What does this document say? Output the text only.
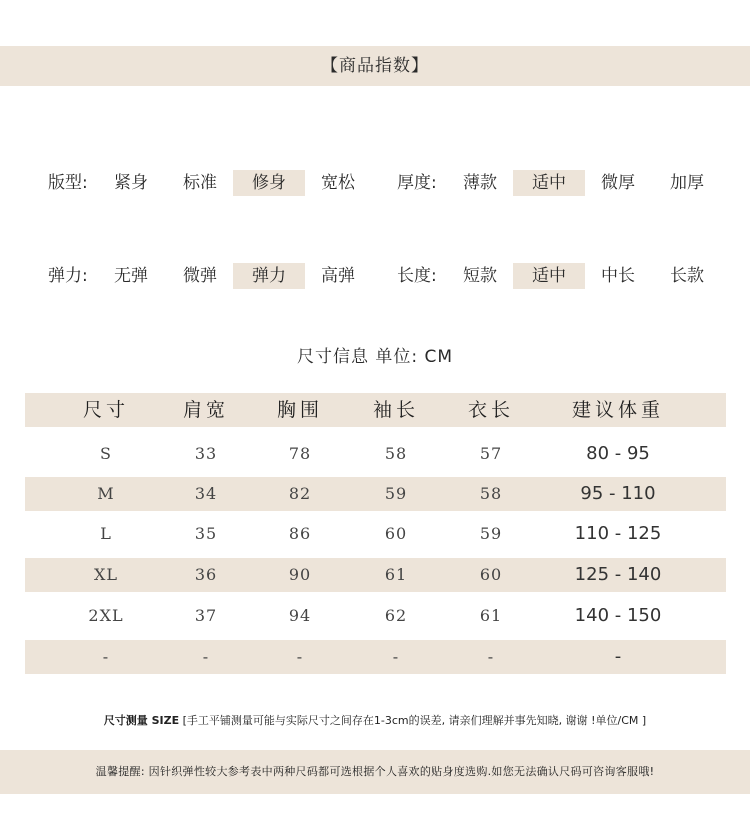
【商品指数】
版型:	紧身	标准	修身	宽松	厚度:	薄款	适中	微厚	加厚
弹力:	无弹	微弹	弹力	高弹	长度:	短款	适中	中长	长款
尺寸信息 单位: CM
尺寸	肩宽	胸围	袖长	衣长	建议体重
S	33	78	58	57	80 - 95
M	34	82	59	58	95 - 110
L	35	86	60	59	110 - 125
XL	36	90	61	60	125 - 140
2XL	37	94	62	61	140 - 150
-	-	-	-	-	-
尺寸测量 SIZE [手工平铺测量可能与实际尺寸之间存在1-3cm的误差, 请亲们理解并事先知晓, 谢谢 !单位/CM ]
温馨提醒: 因针织弹性较大参考表中两种尺码都可选根据个人喜欢的贴身度选购.如您无法确认尺码可咨询客服哦!
